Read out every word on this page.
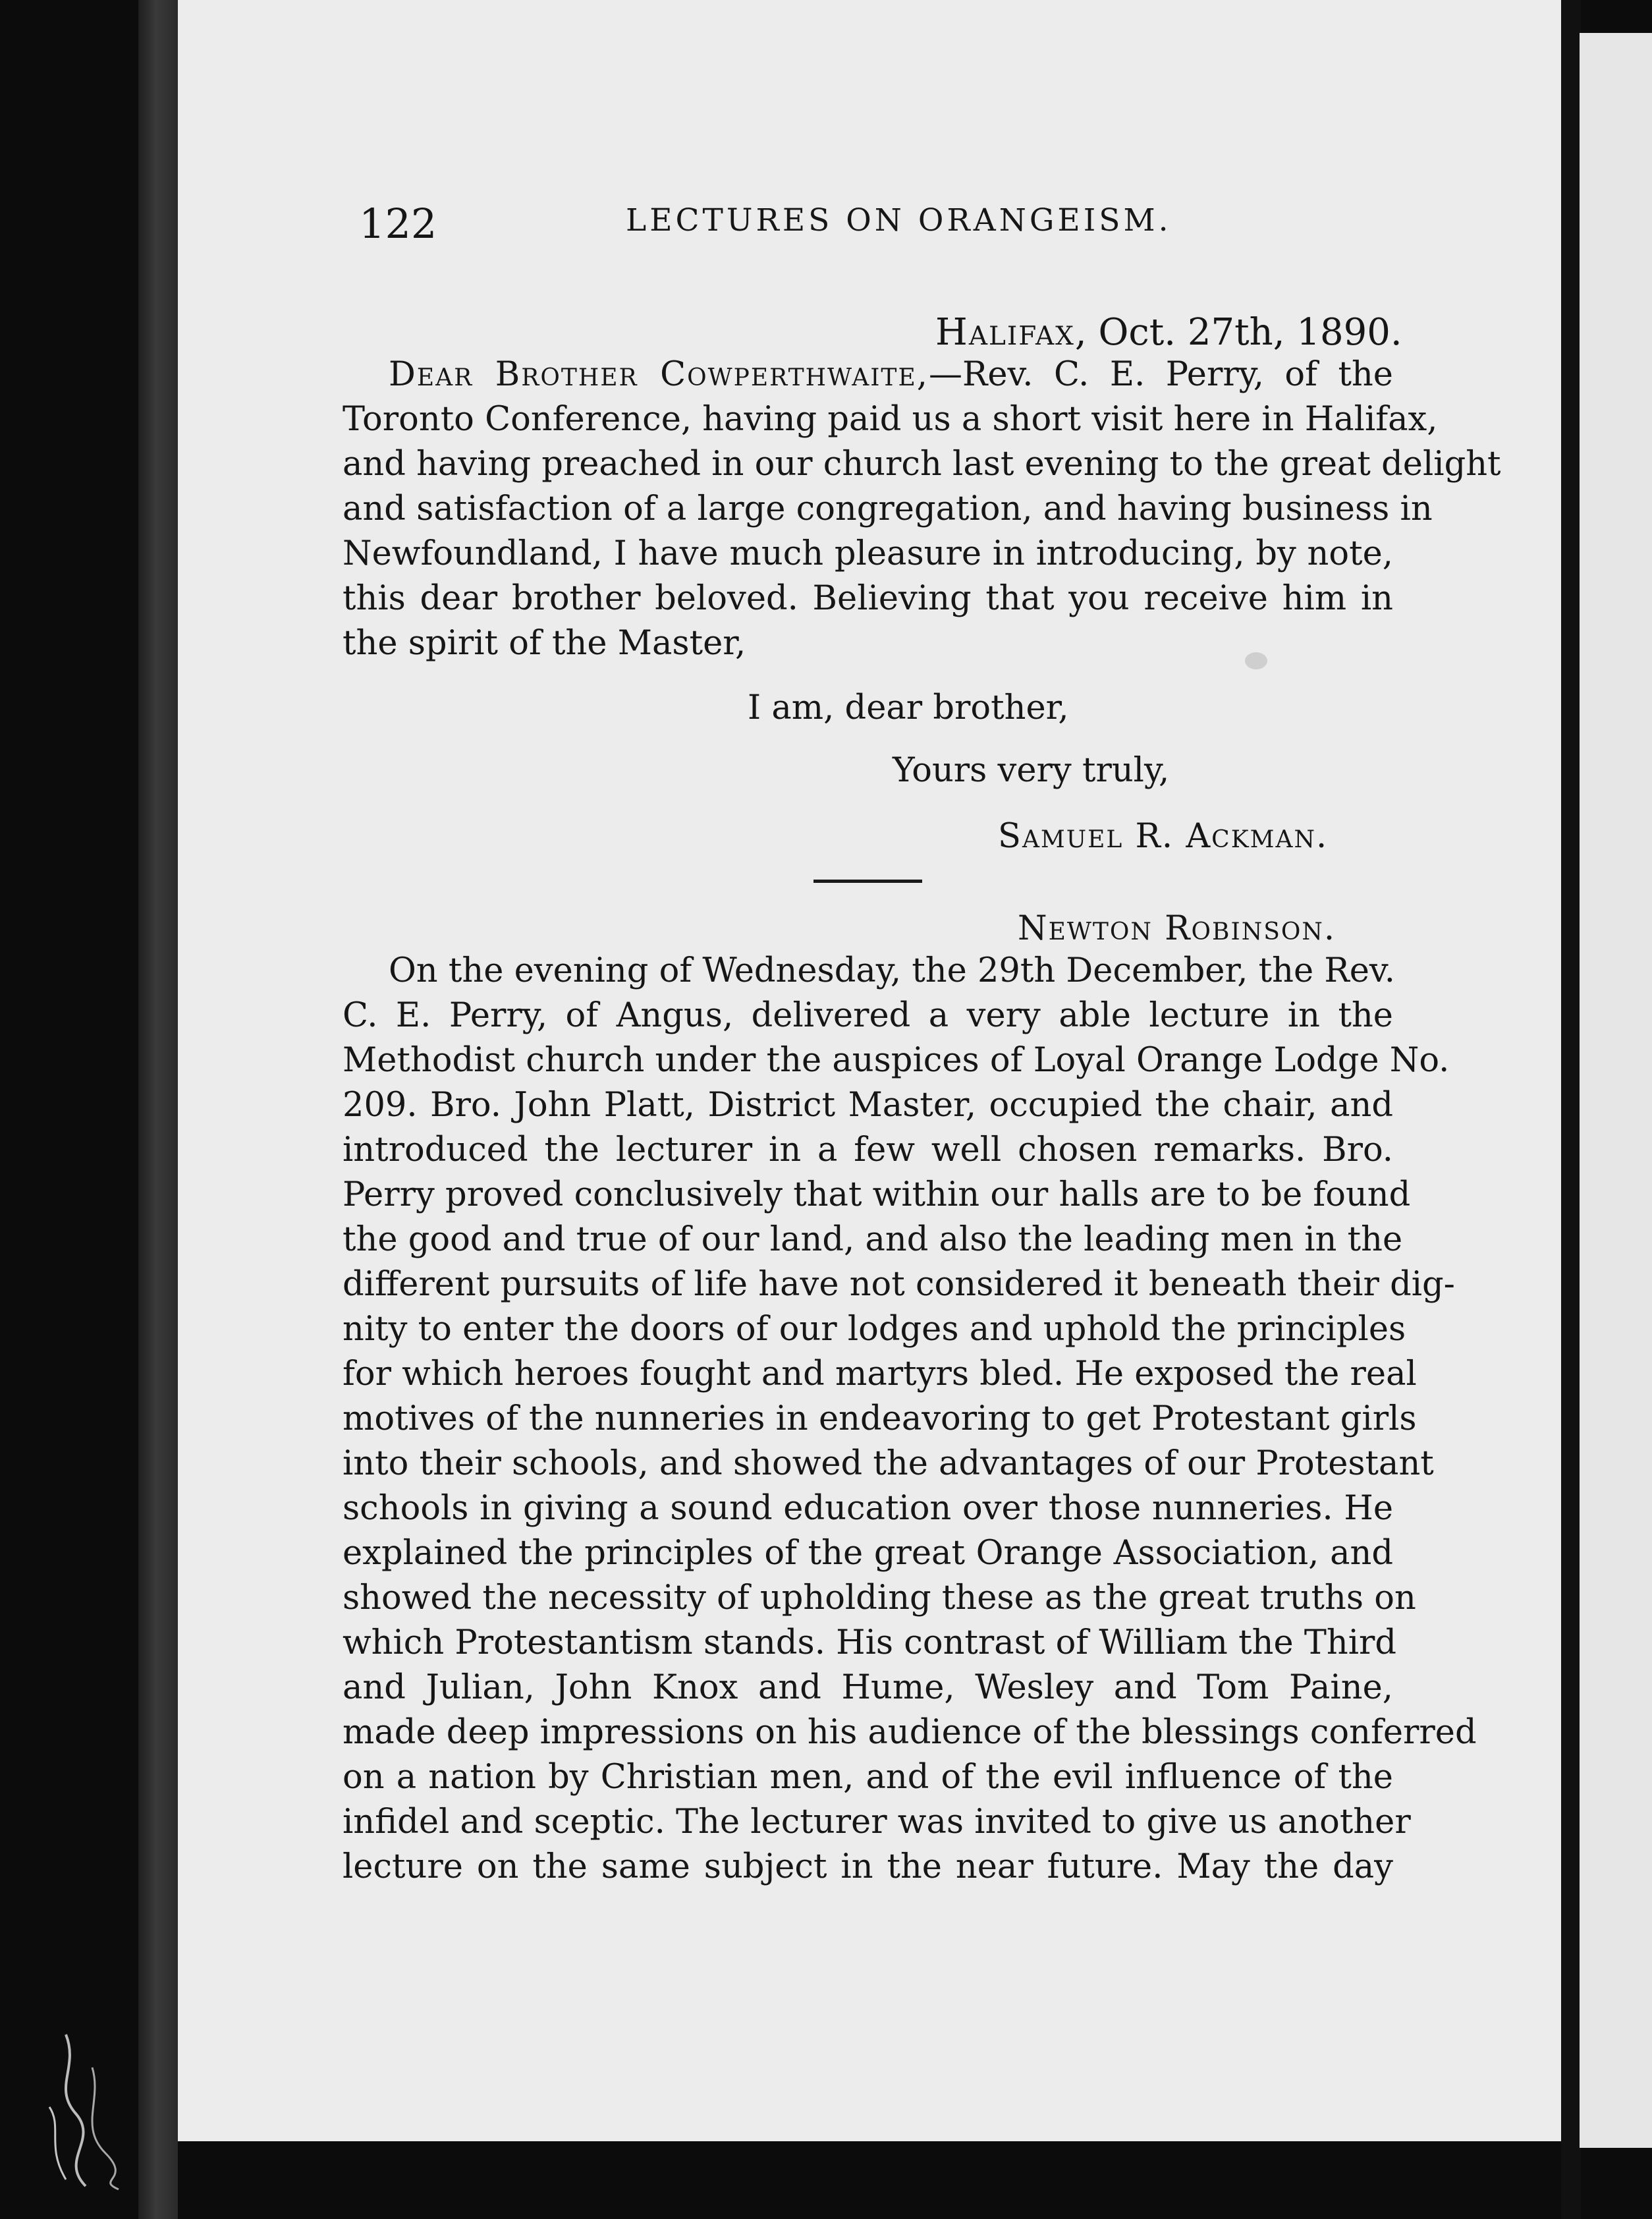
122	LECTURES ON ORANGEISM.
Halifax, Oct. 27th, 1890.
Dear Brother Cowperthwaite,—Rev. C. E. Perry, of the
Toronto Conference, having paid us a short visit here in Halifax,
and having preached in our church last evening to the great delight
and satisfaction of a large congregation, and having business in
Newfoundland, I have much pleasure in introducing, by note,
this dear brother beloved. Believing that you receive him in
the spirit of the Master,
I am, dear brother,
Yours very truly,
Samuel R. Ackman.
Newton Robinson.
On the evening of Wednesday, the 29th December, the Rev.
C. E. Perry, of Angus, delivered a very able lecture in the
Methodist church under the auspices of Loyal Orange Lodge No.
209. Bro. John Platt, District Master, occupied the chair, and
introduced the lecturer in a few well chosen remarks. Bro.
Perry proved conclusively that within our halls are to be found
the good and true of our land, and also the leading men in the
different pursuits of life have not considered it beneath their dig-
nity to enter the doors of our lodges and uphold the principles
for which heroes fought and martyrs bled. He exposed the real
motives of the nunneries in endeavoring to get Protestant girls
into their schools, and showed the advantages of our Protestant
schools in giving a sound education over those nunneries. He
explained the principles of the great Orange Association, and
showed the necessity of upholding these as the great truths on
which Protestantism stands. His contrast of William the Third
and Julian, John Knox and Hume, Wesley and Tom Paine,
made deep impressions on his audience of the blessings conferred
on a nation by Christian men, and of the evil influence of the
infidel and sceptic. The lecturer was invited to give us another
lecture on the same subject in the near future. May the day
